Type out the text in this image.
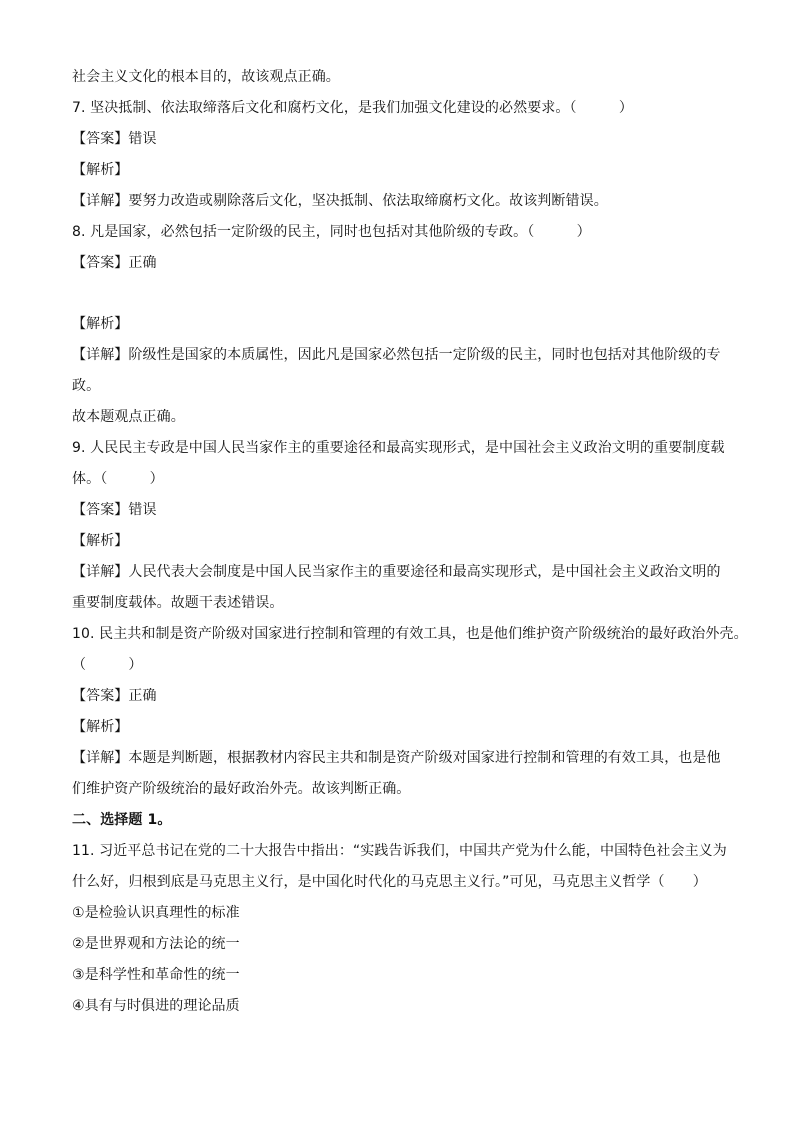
社会主义文化的根本目的，故该观点正确。
7. 坚决抵制、依法取缔落后文化和腐朽文化，是我们加强文化建设的必然要求。（　　　）
【答案】错误
【解析】
【详解】要努力改造或剔除落后文化，坚决抵制、依法取缔腐朽文化。故该判断错误。
8. 凡是国家，必然包括一定阶级的民主，同时也包括对其他阶级的专政。（　　　）
【答案】正确
【解析】
【详解】阶级性是国家的本质属性，因此凡是国家必然包括一定阶级的民主，同时也包括对其他阶级的专
政。
故本题观点正确。
9. 人民民主专政是中国人民当家作主的重要途径和最高实现形式，是中国社会主义政治文明的重要制度载
体。（　　　）
【答案】错误
【解析】
【详解】人民代表大会制度是中国人民当家作主的重要途径和最高实现形式，是中国社会主义政治文明的
重要制度载体。故题干表述错误。
10. 民主共和制是资产阶级对国家进行控制和管理的有效工具，也是他们维护资产阶级统治的最好政治外壳。
（　　　）
【答案】正确
【解析】
【详解】本题是判断题，根据教材内容民主共和制是资产阶级对国家进行控制和管理的有效工具，也是他
们维护资产阶级统治的最好政治外壳。故该判断正确。
二、选择题 1。
11. 习近平总书记在党的二十大报告中指出：“实践告诉我们，中国共产党为什么能，中国特色社会主义为
什么好，归根到底是马克思主义行，是中国化时代化的马克思主义行。”可见，马克思主义哲学（　　）
①是检验认识真理性的标准
②是世界观和方法论的统一
③是科学性和革命性的统一
④具有与时俱进的理论品质
